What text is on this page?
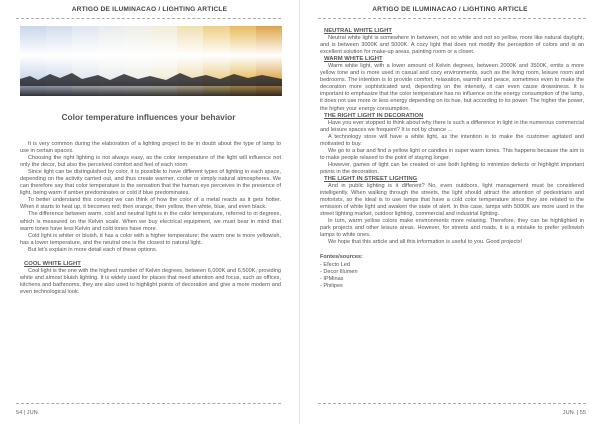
ARTIGO DE ILUMINACAO / LIGHTING ARTICLE
Color temperature influences your behavior

It is very common during the elaboration of a lighting project to be in doubt about the type of lamp to use in certain spaces.

Choosing the right lighting is not always easy, as the color temperature of the light will influence not only the decor, but also the perceived comfort and feel of each room.

Since light can be distinguished by color, it is possible to have different types of lighting in each space, depending on the activity carried out, and thus create warmer, cooler or simply natural atmospheres. We can therefore say that color temperature is the sensation that the human eye perceives in the presence of light, being warm if amber predominates or cold if blue predominates.

To better understand this concept we can think of how the color of a metal reacts as it gets hotter. When it starts to heat up, it becomes red; then orange, then yellow, then white, blue, and even black.

The difference between warm, cold and neutral light is in the color temperature, referred to in degrees, which is measured on the Kelvin scale. When we buy electrical equipment, we must bear in mind that warm tones have less Kelvin and cold tones have more.

Cold light is whiter or bluish, it has a color with a higher temperature; the warm one is more yellowish, has a lower temperature, and the neutral one is the closest to natural light.

But let's explain in more detail each of these options.

COOL WHITE LIGHT

Cool light is the one with the highest number of Kelvin degrees, between 6,000K and 6,500K, providing white and almost bluish lighting. It is widely used for places that need attention and focus, such as offices, kitchens and bathrooms, they are also used to highlight points of decoration and give a more modern and even technological look.

54 | JUN.
ARTIGO DE ILUMINACAO / LIGHTING ARTICLE
NEUTRAL WHITE LIGHT

Neutral white light is somewhere in between, not so white and not so yellow, more like natural daylight, and is between 3000K and 5000K. A cozy light that does not modify the perception of colors and is an excellent solution for make-up areas, painting room or a closet.

WARM WHITE LIGHT

Warm white light, with a lower amount of Kelvin degrees, between 2000K and 3500K, emits a more yellow tone and is more used in casual and cozy environments, such as the living room, leisure room and bedrooms. The intention is to provide comfort, relaxation, warmth and peace, sometimes even to make the decoration more sophisticated and, depending on the intensity, it can even cause drowsiness. It is important to emphasize that the color temperature has no influence on the energy consumption of the lamp, it does not use more or less energy depending on its hue, but according to its power. The higher the power, the higher your energy consumption.

THE RIGHT LIGHT IN DECORATION

Have you ever stopped to think about why there is such a difference in light in the numerous commercial and leisure spaces we frequent? It is not by chance ...

A technology store will have a white light, as the intention is to make the customer agitated and motivated to buy.

We go to a bar and find a yellow light or candles in super warm tones. This happens because the aim is to make people relaxed to the point of staying longer.

However, games of light can be created or use both lighting to minimize defects or highlight important points in the decoration.

THE LIGHT IN STREET LIGHTING

And in public lighting is it different? No, even outdoors, light management must be considered intelligently. When walking through the streets, the light should attract the attention of pedestrians and motorists, so the ideal is to use lamps that have a cold color temperature since they are related to the emission of white light and awaken the state of alert. In this case, lamps with 5000K are more used in the street lighting market, outdoor lighting, commercial and industrial lighting.

In turn, warm yellow colors make environments more relaxing. Therefore, they can be highlighted in park projects and other leisure areas. However, for streets and roads, it is a mistake to prefer yellowish lamps to white ones.

We hope that this article and all this information is useful to you. Good projects!

Fontes/sources:
- Efecto Led
- Decor Illumen
- IPMinas
- Philipes
JUN. | 55
